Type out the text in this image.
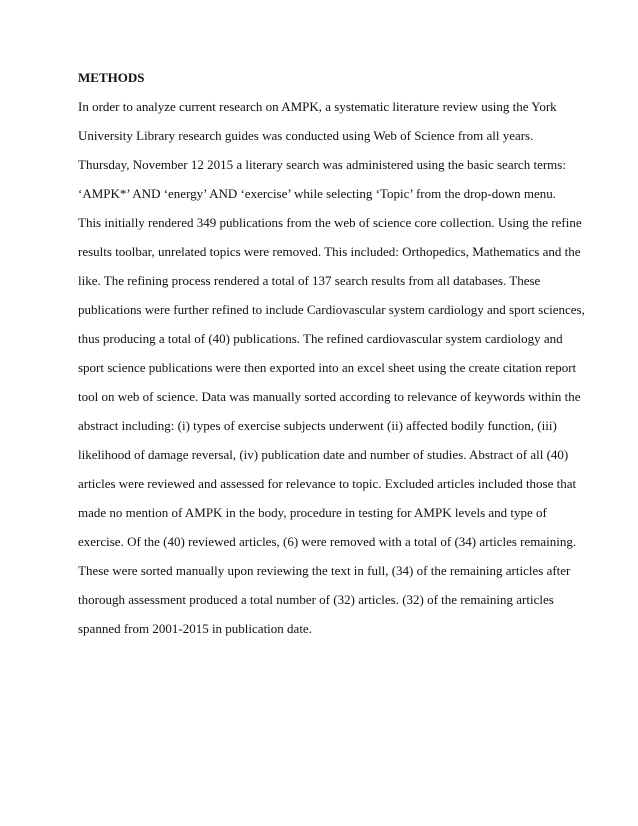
METHODS
In order to analyze current research on AMPK, a systematic literature review using the York
University Library research guides was conducted using Web of Science from all years.
Thursday, November 12 2015 a literary search was administered using the basic search terms:
‘AMPK*’ AND ‘energy’ AND ‘exercise’ while selecting ‘Topic’ from the drop-down menu.
This initially rendered 349 publications from the web of science core collection. Using the refine
results toolbar, unrelated topics were removed. This included: Orthopedics, Mathematics and the
like. The refining process rendered a total of 137 search results from all databases. These
publications were further refined to include Cardiovascular system cardiology and sport sciences,
thus producing a total of (40) publications. The refined cardiovascular system cardiology and
sport science publications were then exported into an excel sheet using the create citation report
tool on web of science. Data was manually sorted according to relevance of keywords within the
abstract including: (i) types of exercise subjects underwent (ii) affected bodily function, (iii)
likelihood of damage reversal, (iv) publication date and number of studies. Abstract of all (40)
articles were reviewed and assessed for relevance to topic. Excluded articles included those that
made no mention of AMPK in the body, procedure in testing for AMPK levels and type of
exercise. Of the (40) reviewed articles, (6) were removed with a total of (34) articles remaining.
These were sorted manually upon reviewing the text in full, (34) of the remaining articles after
thorough assessment produced a total number of (32) articles. (32) of the remaining articles
spanned from 2001-2015 in publication date.
